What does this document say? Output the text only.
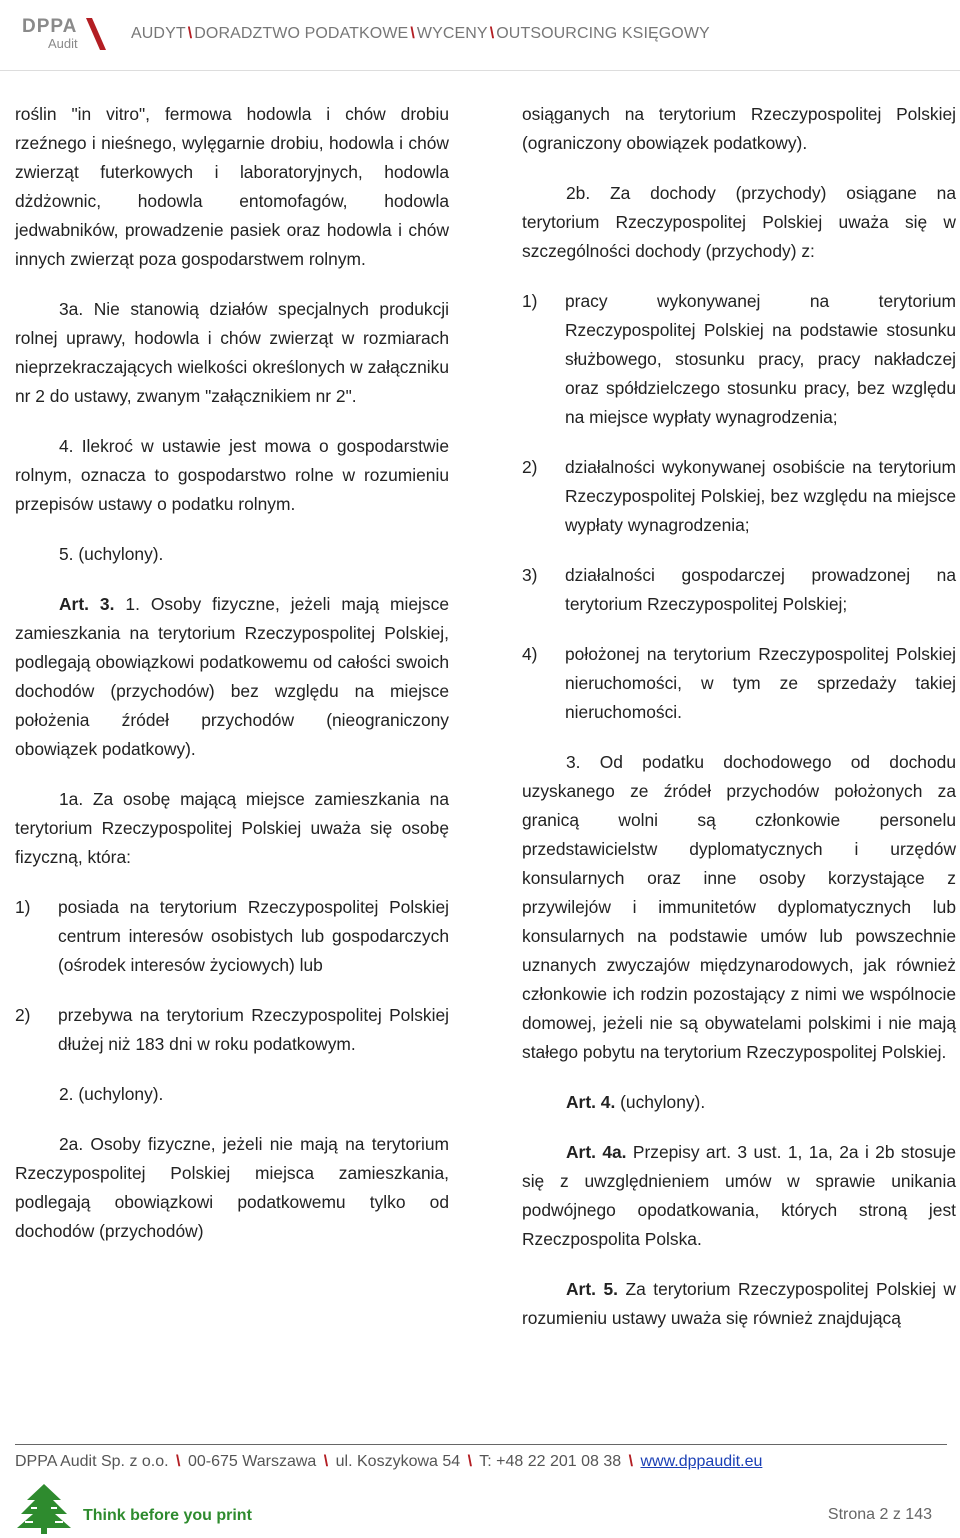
DPPA
Audit
AUDYT \ DORADZTWO PODATKOWE \ WYCENY \ OUTSOURCING KSIĘGOWY

roślin "in vitro", fermowa hodowla i chów drobiu rzeźnego i nieśnego, wylęgarnie drobiu, hodowla i chów zwierząt futerkowych i laboratoryjnych, hodowla dżdżownic, hodowla entomofagów, hodowla jedwabników, prowadzenie pasiek oraz hodowla i chów innych zwierząt poza gospodarstwem rolnym.

3a. Nie stanowią działów specjalnych produkcji rolnej uprawy, hodowla i chów zwierząt w rozmiarach nieprzekraczających wielkości określonych w załączniku nr 2 do ustawy, zwanym "załącznikiem nr 2".

4. Ilekroć w ustawie jest mowa o gospodarstwie rolnym, oznacza to gospodarstwo rolne w rozumieniu przepisów ustawy o podatku rolnym.

5. (uchylony).

Art. 3. 1. Osoby fizyczne, jeżeli mają miejsce zamieszkania na terytorium Rzeczypospolitej Polskiej, podlegają obowiązkowi podatkowemu od całości swoich dochodów (przychodów) bez względu na miejsce położenia źródeł przychodów (nieograniczony obowiązek podatkowy).

1a. Za osobę mającą miejsce zamieszkania na terytorium Rzeczypospolitej Polskiej uważa się osobę fizyczną, która:

1)	posiada na terytorium Rzeczypospolitej Polskiej centrum interesów osobistych lub gospodarczych (ośrodek interesów życiowych) lub
2)	przebywa na terytorium Rzeczypospolitej Polskiej dłużej niż 183 dni w roku podatkowym.

2. (uchylony).

2a. Osoby fizyczne, jeżeli nie mają na terytorium Rzeczypospolitej Polskiej miejsca zamieszkania, podlegają obowiązkowi podatkowemu tylko od dochodów (przychodów)

osiąganych na terytorium Rzeczypospolitej Polskiej (ograniczony obowiązek podatkowy).

2b. Za dochody (przychody) osiągane na terytorium Rzeczypospolitej Polskiej uważa się w szczególności dochody (przychody) z:

1)	pracy wykonywanej na terytorium Rzeczypospolitej Polskiej na podstawie stosunku służbowego, stosunku pracy, pracy nakładczej oraz spółdzielczego stosunku pracy, bez względu na miejsce wypłaty wynagrodzenia;
2)	działalności wykonywanej osobiście na terytorium Rzeczypospolitej Polskiej, bez względu na miejsce wypłaty wynagrodzenia;
3)	działalności gospodarczej prowadzonej na terytorium Rzeczypospolitej Polskiej;
4)	położonej na terytorium Rzeczypospolitej Polskiej nieruchomości, w tym ze sprzedaży takiej nieruchomości.

3. Od podatku dochodowego od dochodu uzyskanego ze źródeł przychodów położonych za granicą wolni są członkowie personelu przedstawicielstw dyplomatycznych i urzędów konsularnych oraz inne osoby korzystające z przywilejów i immunitetów dyplomatycznych lub konsularnych na podstawie umów lub powszechnie uznanych zwyczajów międzynarodowych, jak również członkowie ich rodzin pozostający z nimi we wspólnocie domowej, jeżeli nie są obywatelami polskimi i nie mają stałego pobytu na terytorium Rzeczypospolitej Polskiej.

Art. 4. (uchylony).

Art. 4a. Przepisy art. 3 ust. 1, 1a, 2a i 2b stosuje się z uwzględnieniem umów w sprawie unikania podwójnego opodatkowania, których stroną jest Rzeczpospolita Polska.

Art. 5. Za terytorium Rzeczypospolitej Polskiej w rozumieniu ustawy uważa się również znajdującą

DPPA Audit Sp. z o.o. \ 00-675 Warszawa \ ul. Koszykowa 54 \ T: +48 22 201 08 38 \ www.dppaudit.eu
Think before you print	Strona 2 z 143
